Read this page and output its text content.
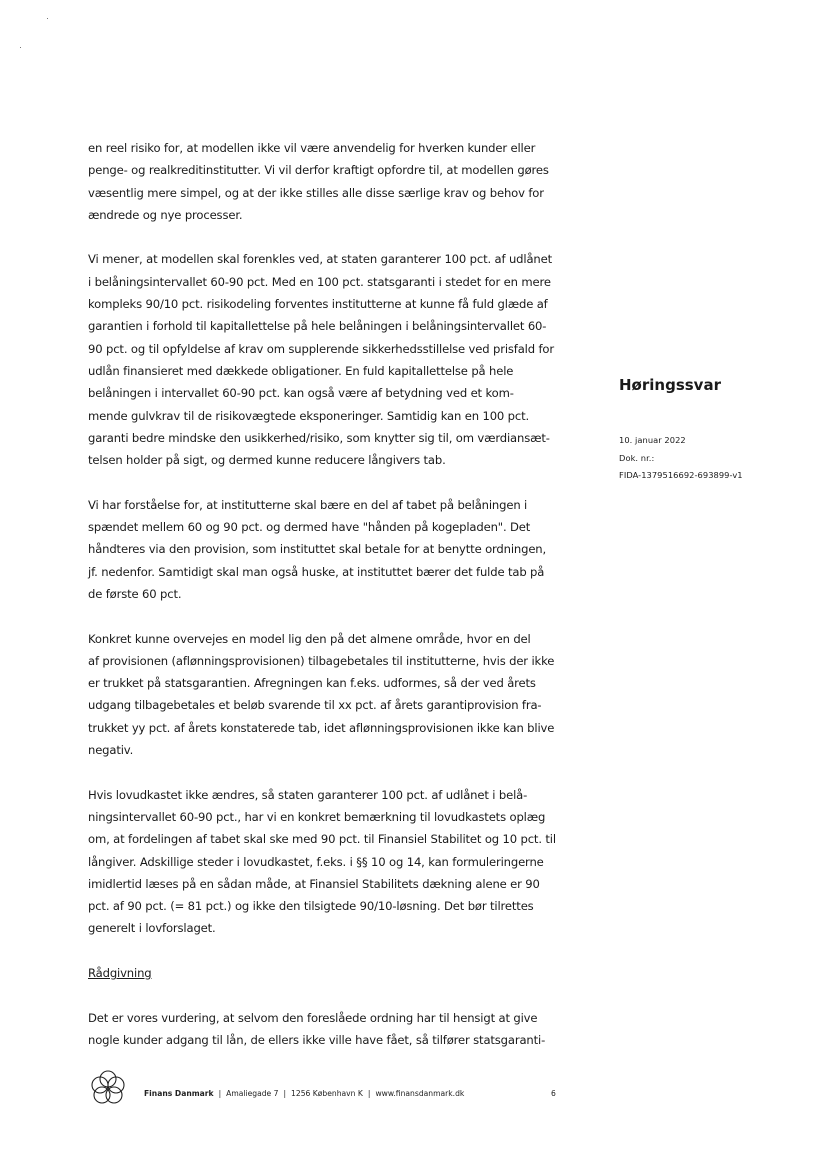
en reel risiko for, at modellen ikke vil være anvendelig for hverken kunder eller
penge- og realkreditinstitutter. Vi vil derfor kraftigt opfordre til, at modellen gøres
væsentlig mere simpel, og at der ikke stilles alle disse særlige krav og behov for
ændrede og nye processer.

Vi mener, at modellen skal forenkles ved, at staten garanterer 100 pct. af udlånet
i belåningsintervallet 60-90 pct. Med en 100 pct. statsgaranti i stedet for en mere
kompleks 90/10 pct. risikodeling forventes institutterne at kunne få fuld glæde af
garantien i forhold til kapitallettelse på hele belåningen i belåningsintervallet 60-
90 pct. og til opfyldelse af krav om supplerende sikkerhedsstillelse ved prisfald for
udlån finansieret med dækkede obligationer. En fuld kapitallettelse på hele
belåningen i intervallet 60-90 pct. kan også være af betydning ved et kom-
mende gulvkrav til de risikovægtede eksponeringer. Samtidig kan en 100 pct.
garanti bedre mindske den usikkerhed/risiko, som knytter sig til, om værdiansæt-
telsen holder på sigt, og dermed kunne reducere långivers tab.

Vi har forståelse for, at institutterne skal bære en del af tabet på belåningen i
spændet mellem 60 og 90 pct. og dermed have "hånden på kogepladen". Det
håndteres via den provision, som instituttet skal betale for at benytte ordningen,
jf. nedenfor. Samtidigt skal man også huske, at instituttet bærer det fulde tab på
de første 60 pct.

Konkret kunne overvejes en model lig den på det almene område, hvor en del
af provisionen (aflønningsprovisionen) tilbagebetales til institutterne, hvis der ikke
er trukket på statsgarantien. Afregningen kan f.eks. udformes, så der ved årets
udgang tilbagebetales et beløb svarende til xx pct. af årets garantiprovision fra-
trukket yy pct. af årets konstaterede tab, idet aflønningsprovisionen ikke kan blive
negativ.

Hvis lovudkastet ikke ændres, så staten garanterer 100 pct. af udlånet i belå-
ningsintervallet 60-90 pct., har vi en konkret bemærkning til lovudkastets oplæg
om, at fordelingen af tabet skal ske med 90 pct. til Finansiel Stabilitet og 10 pct. til
långiver. Adskillige steder i lovudkastet, f.eks. i §§ 10 og 14, kan formuleringerne
imidlertid læses på en sådan måde, at Finansiel Stabilitets dækning alene er 90
pct. af 90 pct. (= 81 pct.) og ikke den tilsigtede 90/10-løsning. Det bør tilrettes
generelt i lovforslaget.

Rådgivning

Det er vores vurdering, at selvom den foreslåede ordning har til hensigt at give
nogle kunder adgang til lån, de ellers ikke ville have fået, så tilfører statsgaranti-

Høringssvar
10. januar 2022
Dok. nr.:
FIDA-1379516692-693899-v1
Finans Danmark | Amaliegade 7 | 1256 København K | www.finansdanmark.dk	6
